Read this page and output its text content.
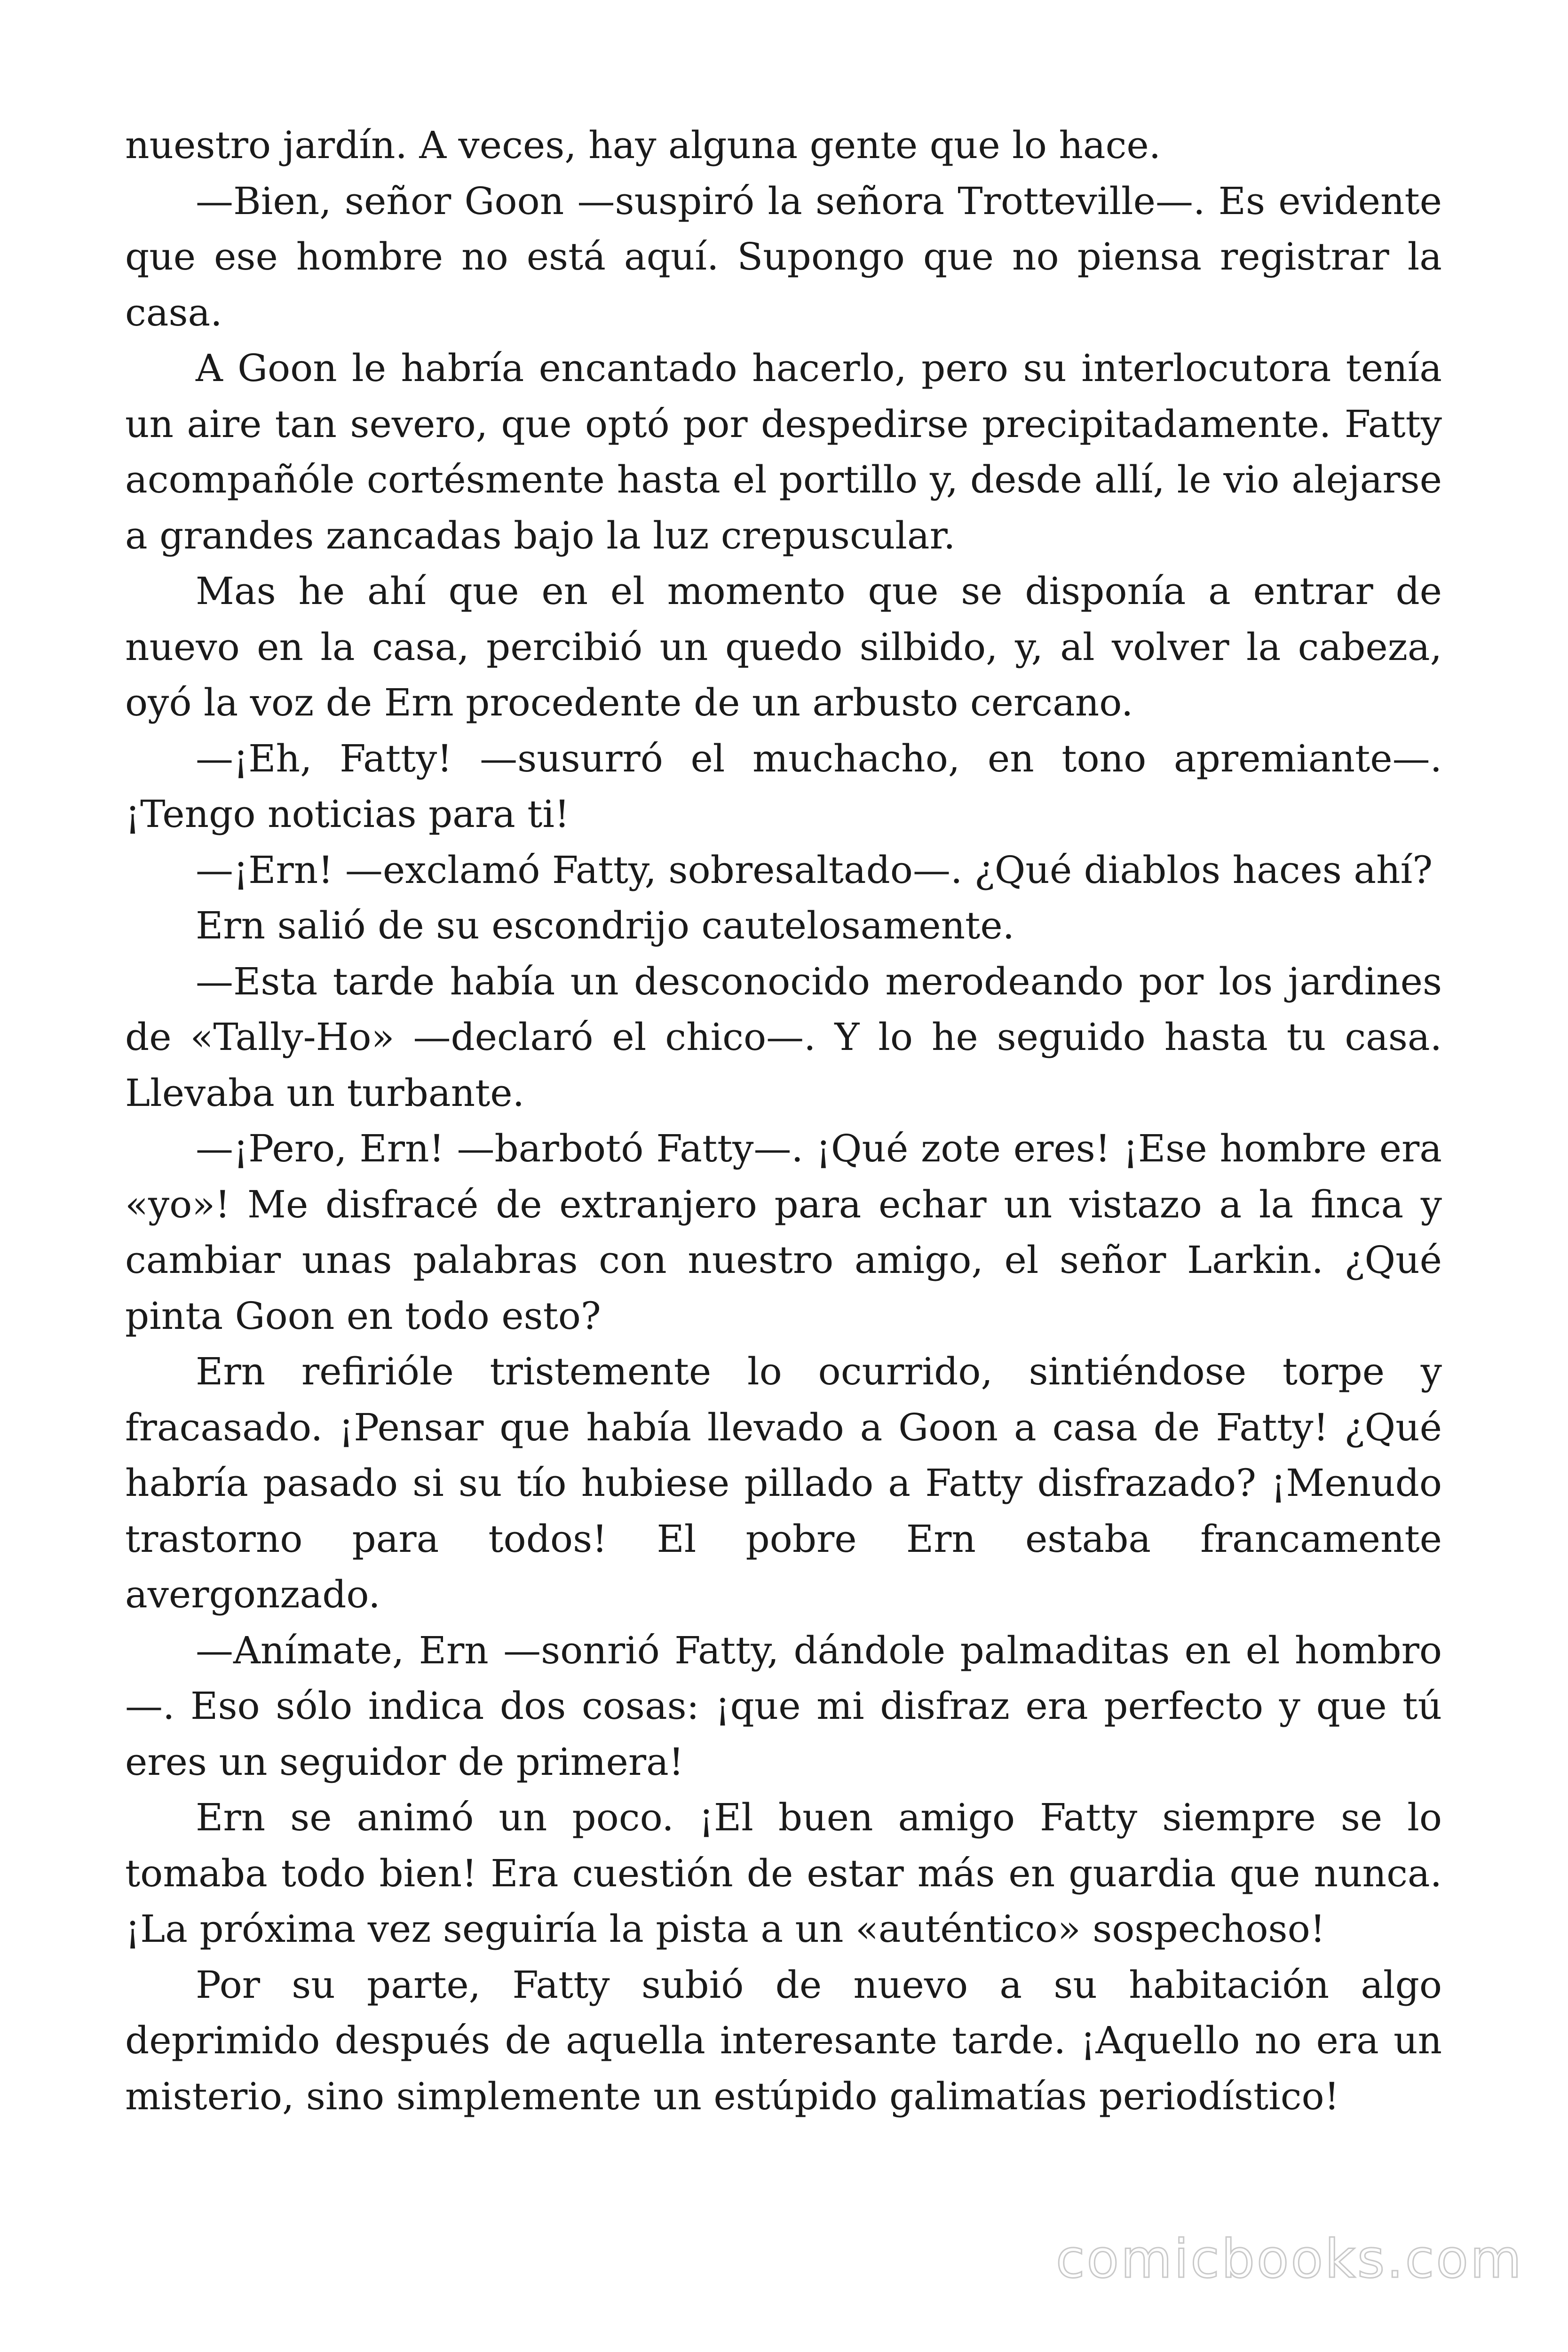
nuestro jardín. A veces, hay alguna gente que lo hace.

—Bien, señor Goon —suspiró la señora Trotteville—. Es evidente que ese hombre no está aquí. Supongo que no piensa registrar la casa.

A Goon le habría encantado hacerlo, pero su interlocutora tenía un aire tan severo, que optó por despedirse precipitadamente. Fatty acompañóle cortésmente hasta el portillo y, desde allí, le vio alejarse a grandes zancadas bajo la luz crepuscular.

Mas he ahí que en el momento que se disponía a entrar de nuevo en la casa, percibió un quedo silbido, y, al volver la cabeza, oyó la voz de Ern procedente de un arbusto cercano.

—¡Eh, Fatty! —susurró el muchacho, en tono apremiante—. ¡Tengo noticias para ti!

—¡Ern! —exclamó Fatty, sobresaltado—. ¿Qué diablos haces ahí?

Ern salió de su escondrijo cautelosamente.

—Esta tarde había un desconocido merodeando por los jardines de «Tally-Ho» —declaró el chico—. Y lo he seguido hasta tu casa. Llevaba un turbante.

—¡Pero, Ern! —barbotó Fatty—. ¡Qué zote eres! ¡Ese hombre era «yo»! Me disfracé de extranjero para echar un vistazo a la finca y cambiar unas palabras con nuestro amigo, el señor Larkin. ¿Qué pinta Goon en todo esto?

Ern refirióle tristemente lo ocurrido, sintiéndose torpe y fracasado. ¡Pensar que había llevado a Goon a casa de Fatty! ¿Qué habría pasado si su tío hubiese pillado a Fatty disfrazado? ¡Menudo trastorno para todos! El pobre Ern estaba francamente avergonzado.

—Anímate, Ern —sonrió Fatty, dándole palmaditas en el hombro —. Eso sólo indica dos cosas: ¡que mi disfraz era perfecto y que tú eres un seguidor de primera!

Ern se animó un poco. ¡El buen amigo Fatty siempre se lo tomaba todo bien! Era cuestión de estar más en guardia que nunca. ¡La próxima vez seguiría la pista a un «auténtico» sospechoso!

Por su parte, Fatty subió de nuevo a su habitación algo deprimido después de aquella interesante tarde. ¡Aquello no era un misterio, sino simplemente un estúpido galimatías periodístico!

comicbooks.com
